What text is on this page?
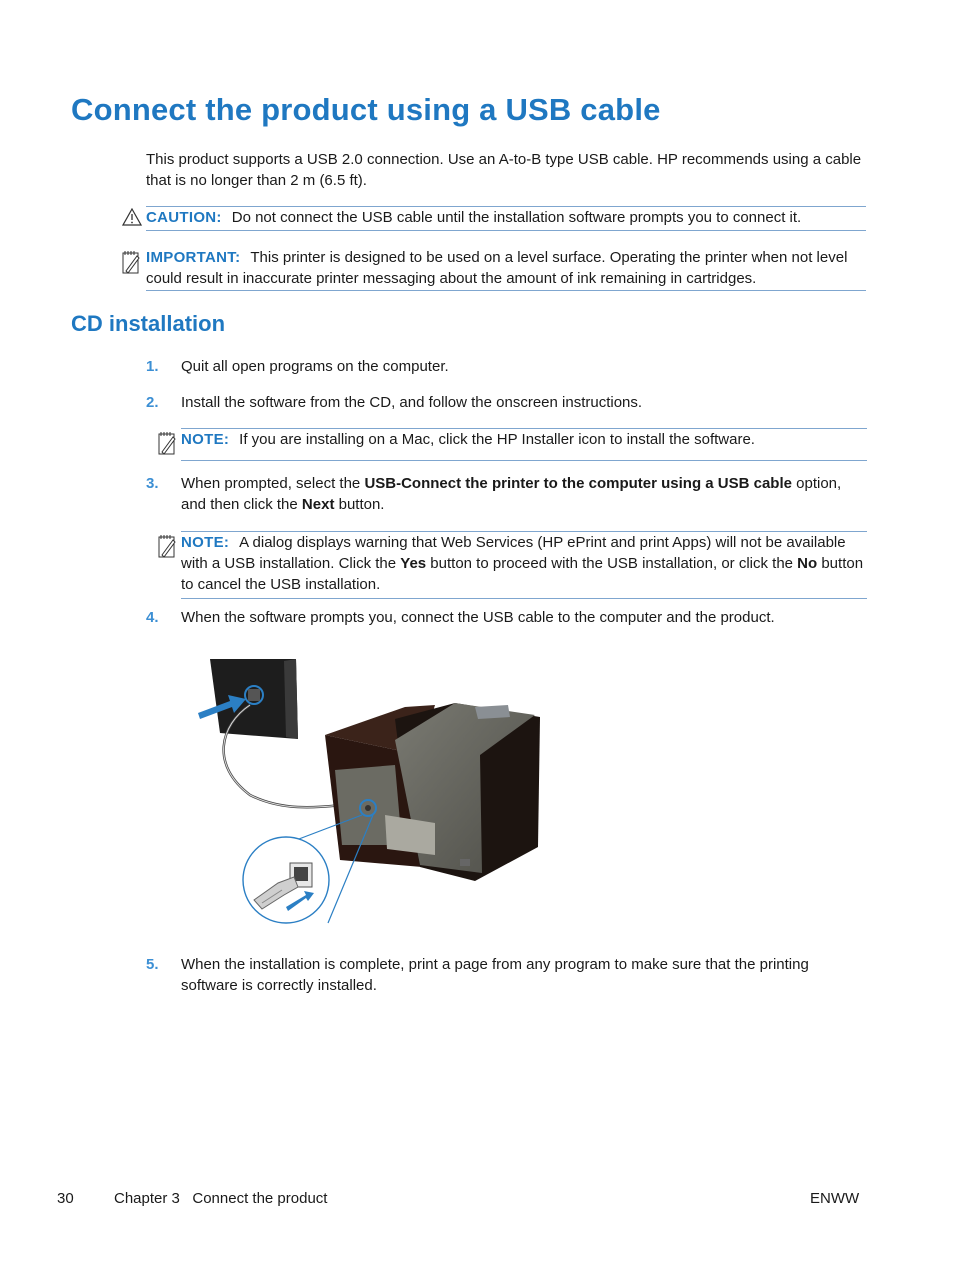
Connect the product using a USB cable

This product supports a USB 2.0 connection. Use an A-to-B type USB cable. HP recommends using a cable that is no longer than 2 m (6.5 ft).

CAUTION: Do not connect the USB cable until the installation software prompts you to connect it.
IMPORTANT: This printer is designed to be used on a level surface. Operating the printer when not level could result in inaccurate printer messaging about the amount of ink remaining in cartridges.
CD installation
1. Quit all open programs on the computer.
2. Install the software from the CD, and follow the onscreen instructions.
NOTE: If you are installing on a Mac, click the HP Installer icon to install the software.
3. When prompted, select the USB-Connect the printer to the computer using a USB cable option, and then click the Next button.
NOTE: A dialog displays warning that Web Services (HP ePrint and print Apps) will not be available with a USB installation. Click the Yes button to proceed with the USB installation, or click the No button to cancel the USB installation.
4. When the software prompts you, connect the USB cable to the computer and the product.
5. When the installation is complete, print a page from any program to make sure that the printing software is correctly installed.
30	Chapter 3   Connect the product	ENWW
